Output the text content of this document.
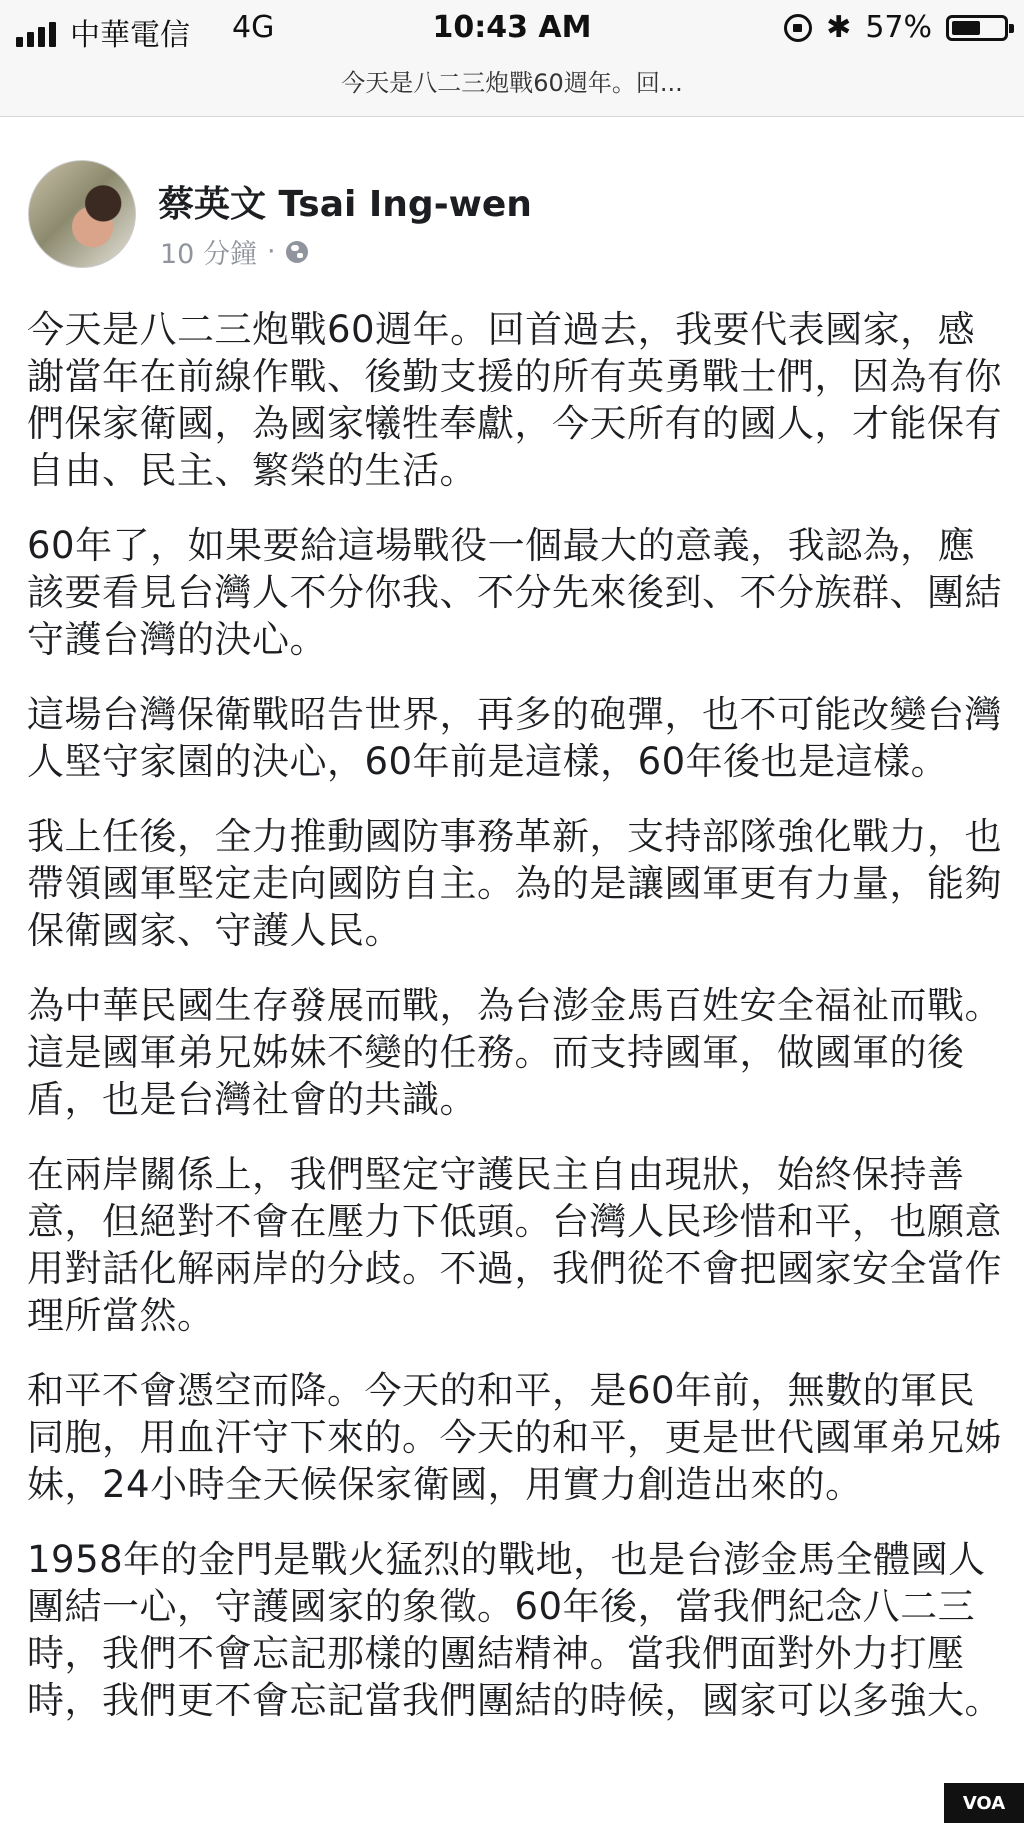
中華電信 4G	10:43 AM	✱ 57%
今天是八二三炮戰60週年。回...
蔡英文 Tsai Ing-wen
10 分鐘 ·

今天是八二三炮戰60週年。回首過去，我要代表國家，感謝當年在前線作戰、後勤支援的所有英勇戰士們，因為有你們保家衛國，為國家犧牲奉獻，今天所有的國人，才能保有自由、民主、繁榮的生活。

60年了，如果要給這場戰役一個最大的意義，我認為，應該要看見台灣人不分你我、不分先來後到、不分族群、團結守護台灣的決心。

這場台灣保衛戰昭告世界，再多的砲彈，也不可能改變台灣人堅守家園的決心，60年前是這樣，60年後也是這樣。

我上任後，全力推動國防事務革新，支持部隊強化戰力，也帶領國軍堅定走向國防自主。為的是讓國軍更有力量，能夠保衛國家、守護人民。

為中華民國生存發展而戰，為台澎金馬百姓安全福祉而戰。這是國軍弟兄姊妹不變的任務。而支持國軍，做國軍的後盾，也是台灣社會的共識。

在兩岸關係上，我們堅定守護民主自由現狀，始終保持善意，但絕對不會在壓力下低頭。台灣人民珍惜和平，也願意用對話化解兩岸的分歧。不過，我們從不會把國家安全當作理所當然。

和平不會憑空而降。今天的和平，是60年前，無數的軍民同胞，用血汗守下來的。今天的和平，更是世代國軍弟兄姊妹，24小時全天候保家衛國，用實力創造出來的。

1958年的金門是戰火猛烈的戰地，也是台澎金馬全體國人團結一心，守護國家的象徵。60年後，當我們紀念八二三時，我們不會忘記那樣的團結精神。當我們面對外力打壓時，我們更不會忘記當我們團結的時候，國家可以多強大。

VOA
